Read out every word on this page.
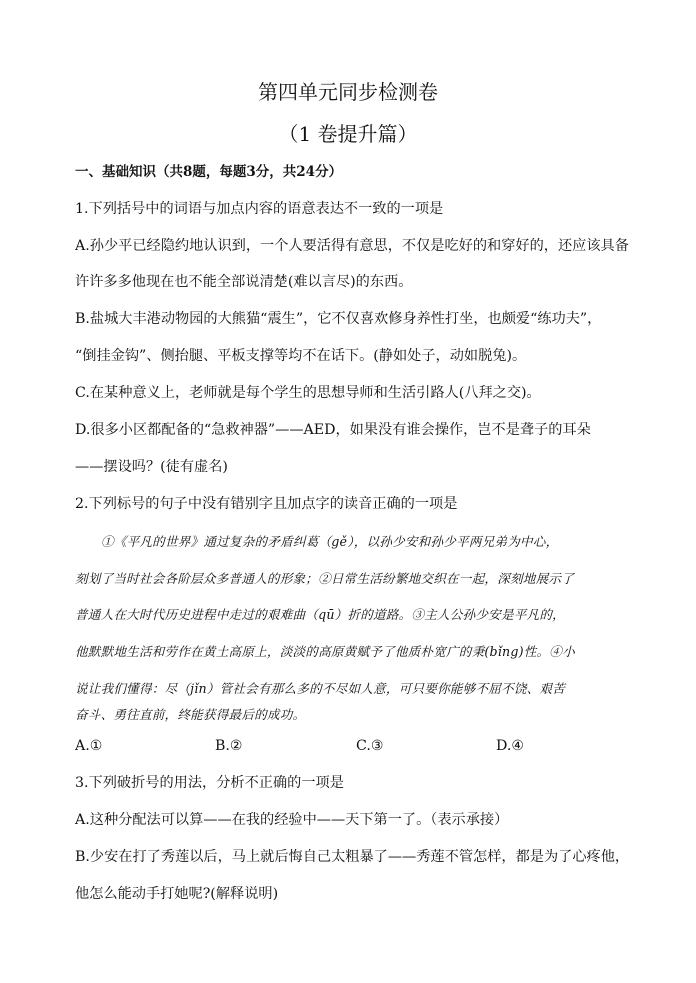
第四单元同步检测卷
（1 卷提升篇）
一、基础知识（共8题，每题3分，共24分）
1.下列括号中的词语与加点内容的语意表达不一致的一项是
A.孙少平已经隐约地认识到，一个人要活得有意思，不仅是吃好的和穿好的，还应该具备
许许多多他现在也不能全部说清楚(难以言尽)的东西。
B.盐城大丰港动物园的大熊猫“震生”，它不仅喜欢修身养性打坐，也颇爱“练功夫”，
“倒挂金钩”、侧抬腿、平板支撑等均不在话下。(静如处子，动如脱兔)。
C.在某种意义上，老师就是每个学生的思想导师和生活引路人(八拜之交)。
D.很多小区都配备的“急救神器”——AED，如果没有谁会操作，岂不是聋子的耳朵
——摆设吗？(徒有虚名)
2.下列标号的句子中没有错别字且加点字的读音正确的一项是
①《平凡的世界》通过复杂的矛盾纠葛（gě），以孙少安和孙少平两兄弟为中心，
刻划了当时社会各阶层众多普通人的形象；②日常生活纷繁地交织在一起，深刻地展示了
普通人在大时代历史进程中走过的艰难曲（qū）折的道路。③主人公孙少安是平凡的，
他默默地生活和劳作在黄土高原上，淡淡的高原黄赋予了他质朴宽广的秉(bǐng)性。④小
说让我们懂得：尽（jǐn）管社会有那么多的不尽如人意，可只要你能够不屈不饶、艰苦
奋斗、勇往直前，终能获得最后的成功。
A.①	B.②	C.③	D.④
3.下列破折号的用法，分析不正确的一项是
A.这种分配法可以算——在我的经验中——天下第一了。（表示承接）
B.少安在打了秀莲以后，马上就后悔自己太粗暴了——秀莲不管怎样，都是为了心疼他，
他怎么能动手打她呢?(解释说明)
